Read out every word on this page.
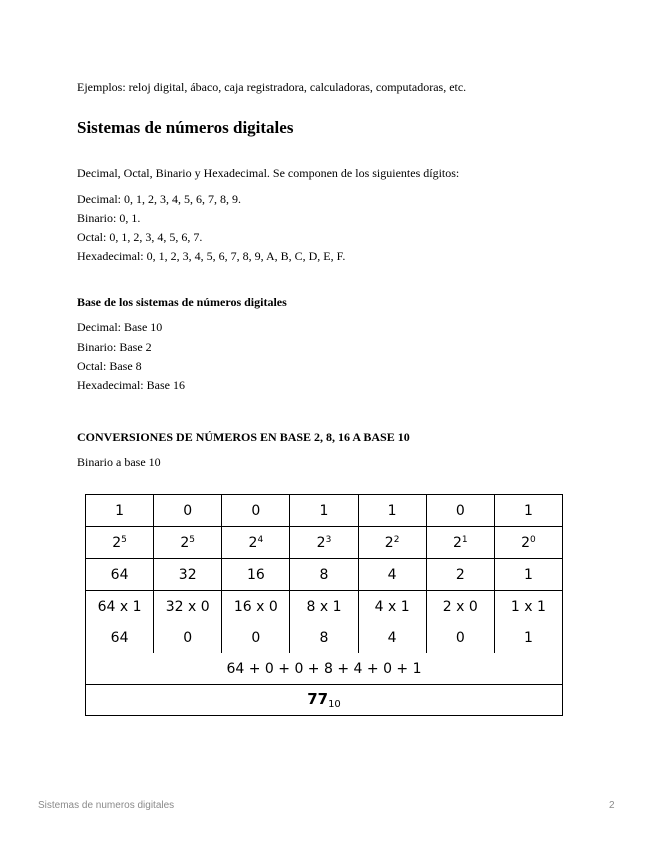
Ejemplos: reloj digital, ábaco, caja registradora, calculadoras, computadoras, etc.
Sistemas de números digitales
Decimal, Octal, Binario y Hexadecimal. Se componen de los siguientes dígitos:
Decimal: 0, 1, 2, 3, 4, 5, 6, 7, 8, 9.
Binario: 0, 1.
Octal: 0, 1, 2, 3, 4, 5, 6, 7.
Hexadecimal: 0, 1, 2, 3, 4, 5, 6, 7, 8, 9, A, B, C, D, E, F.
Base de los sistemas de números digitales
Decimal: Base 10
Binario: Base 2
Octal: Base 8
Hexadecimal: Base 16
CONVERSIONES DE NÚMEROS EN BASE 2, 8, 16 A BASE 10
Binario a base 10
1	0	0	1	1	0	1
$2^5$	$2^5$	$2^4$	$2^3$	$2^2$	$2^1$	$2^0$
64	32	16	8	4	2	1
64 x 1	32 x 0	16 x 0	8 x 1	4 x 1	2 x 0	1 x 1
64	0	0	8	4	0	1
64 + 0 + 0 + 8 + 4 + 0 + 1						
$77_{10}$
Sistemas de numeros digitales	2
